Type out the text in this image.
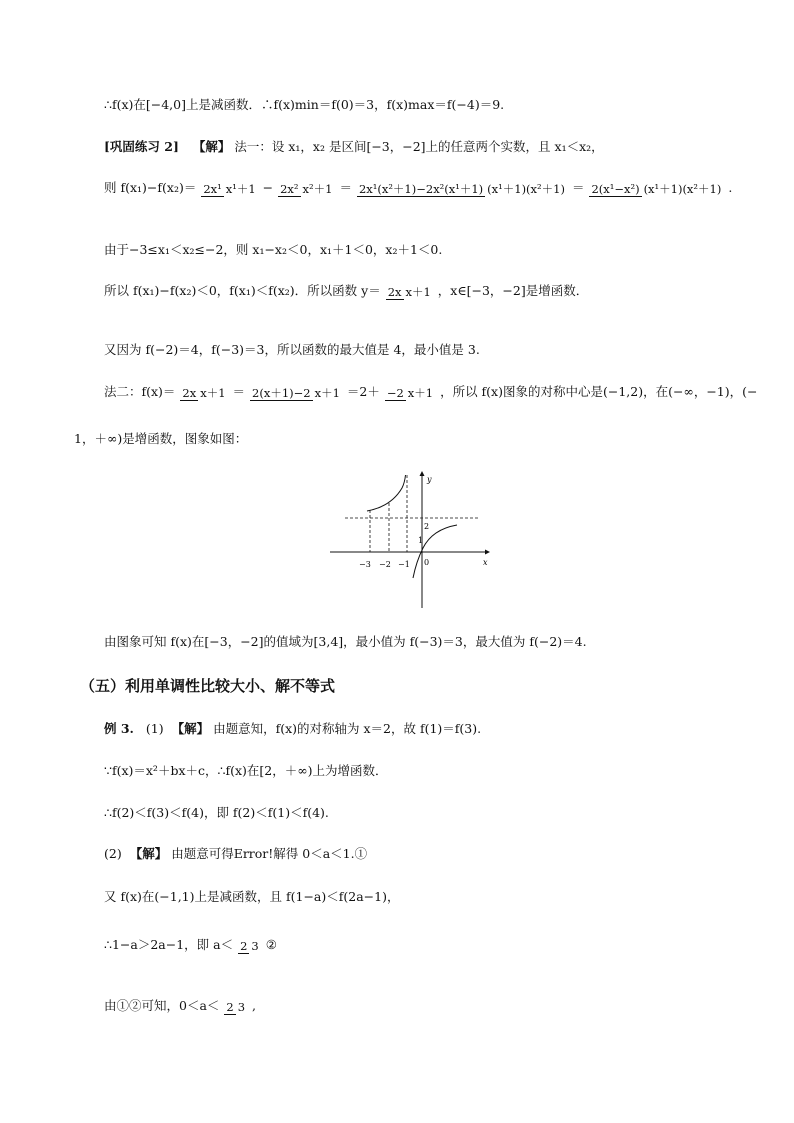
∴f(x)在[−4,0]上是减函数．∴f(x)min＝f(0)＝3，f(x)max＝f(−4)＝9.
[巩固练习 2] 【解】 法一：设 x₁，x₂ 是区间[−3，−2]上的任意两个实数，且 x₁＜x₂，
则 f(x₁)−f(x₂)＝ 2x¹ x¹＋1 − 2x² x²＋1 ＝ 2x¹(x²＋1)−2x²(x¹＋1) (x¹＋1)(x²＋1) ＝ 2(x¹−x²) (x¹＋1)(x²＋1) .
由于−3≤x₁＜x₂≤−2，则 x₁−x₂＜0，x₁＋1＜0，x₂＋1＜0.
所以 f(x₁)−f(x₂)＜0，f(x₁)＜f(x₂)．所以函数 y＝ 2x x＋1 ，x∈[−3，−2]是增函数．
又因为 f(−2)＝4，f(−3)＝3，所以函数的最大值是 4，最小值是 3.
法二：f(x)＝ 2x x＋1 ＝ 2(x＋1)−2 x＋1 ＝2＋ −2 x＋1 ，所以 f(x)图象的对称中心是(−1,2)，在(−∞，−1)，(−
1，＋∞)是增函数，图象如图：
y
x
−3 −2 −1 0
2
1
由图象可知 f(x)在[−3，−2]的值域为[3,4]，最小值为 f(−3)＝3，最大值为 f(−2)＝4.
（五）利用单调性比较大小、解不等式
例 3. (1) 【解】 由题意知，f(x)的对称轴为 x＝2，故 f(1)＝f(3).
∵f(x)＝x²＋bx＋c，∴f(x)在[2，＋∞)上为增函数．
∴f(2)＜f(3)＜f(4)，即 f(2)＜f(1)＜f(4).
(2) 【解】 由题意可得Error!解得 0＜a＜1.①
又 f(x)在(−1,1)上是减函数，且 f(1−a)＜f(2a−1)，
∴1−a＞2a−1，即 a＜ 2 3 ②
由①②可知，0＜a＜ 2 3 ,
